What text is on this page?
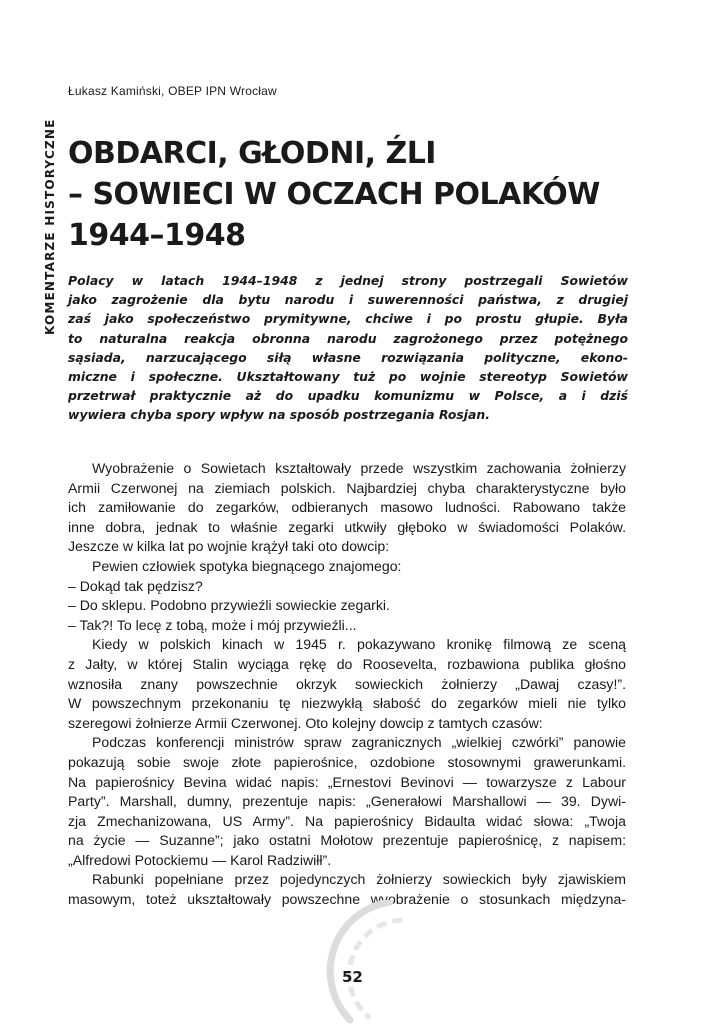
KOMENTARZE HISTORYCZNE
Łukasz Kamiński, OBEP IPN Wrocław
OBDARCI, GŁODNI, ŹLI
– SOWIECI W OCZACH POLAKÓW
1944–1948
Polacy w latach 1944–1948 z jednej strony postrzegali Sowietów
jako zagrożenie dla bytu narodu i suwerenności państwa, z drugiej
zaś jako społeczeństwo prymitywne, chciwe i po prostu głupie. Była
to naturalna reakcja obronna narodu zagrożonego przez potężnego
sąsiada, narzucającego siłą własne rozwiązania polityczne, ekono-
miczne i społeczne. Ukształtowany tuż po wojnie stereotyp Sowietów
przetrwał praktycznie aż do upadku komunizmu w Polsce, a i dziś
wywiera chyba spory wpływ na sposób postrzegania Rosjan.
Wyobrażenie o Sowietach kształtowały przede wszystkim zachowania żołnierzy
Armii Czerwonej na ziemiach polskich. Najbardziej chyba charakterystyczne było
ich zamiłowanie do zegarków, odbieranych masowo ludności. Rabowano także
inne dobra, jednak to właśnie zegarki utkwiły głęboko w świadomości Polaków.
Jeszcze w kilka lat po wojnie krążył taki oto dowcip:
Pewien człowiek spotyka biegnącego znajomego:
– Dokąd tak pędzisz?
– Do sklepu. Podobno przywieźli sowieckie zegarki.
– Tak?! To lecę z tobą, może i mój przywieźli...
Kiedy w polskich kinach w 1945 r. pokazywano kronikę filmową ze sceną
z Jałty, w której Stalin wyciąga rękę do Roosevelta, rozbawiona publika głośno
wznosiła znany powszechnie okrzyk sowieckich żołnierzy „Dawaj czasy!”.
W powszechnym przekonaniu tę niezwykłą słabość do zegarków mieli nie tylko
szeregowi żołnierze Armii Czerwonej. Oto kolejny dowcip z tamtych czasów:
Podczas konferencji ministrów spraw zagranicznych „wielkiej czwórki” panowie
pokazują sobie swoje złote papierośnice, ozdobione stosownymi grawerunkami.
Na papierośnicy Bevina widać napis: „Ernestovi Bevinovi — towarzysze z Labour
Party”. Marshall, dumny, prezentuje napis: „Generałowi Marshallowi — 39. Dywi-
zja Zmechanizowana, US Army”. Na papierośnicy Bidaulta widać słowa: „Twoja
na życie — Suzanne”; jako ostatni Mołotow prezentuje papierośnicę, z napisem:
„Alfredowi Potockiemu — Karol Radziwiłł”.
Rabunki popełniane przez pojedynczych żołnierzy sowieckich były zjawiskiem
masowym, toteż ukształtowały powszechne wyobrażenie o stosunkach międzyna-
52
